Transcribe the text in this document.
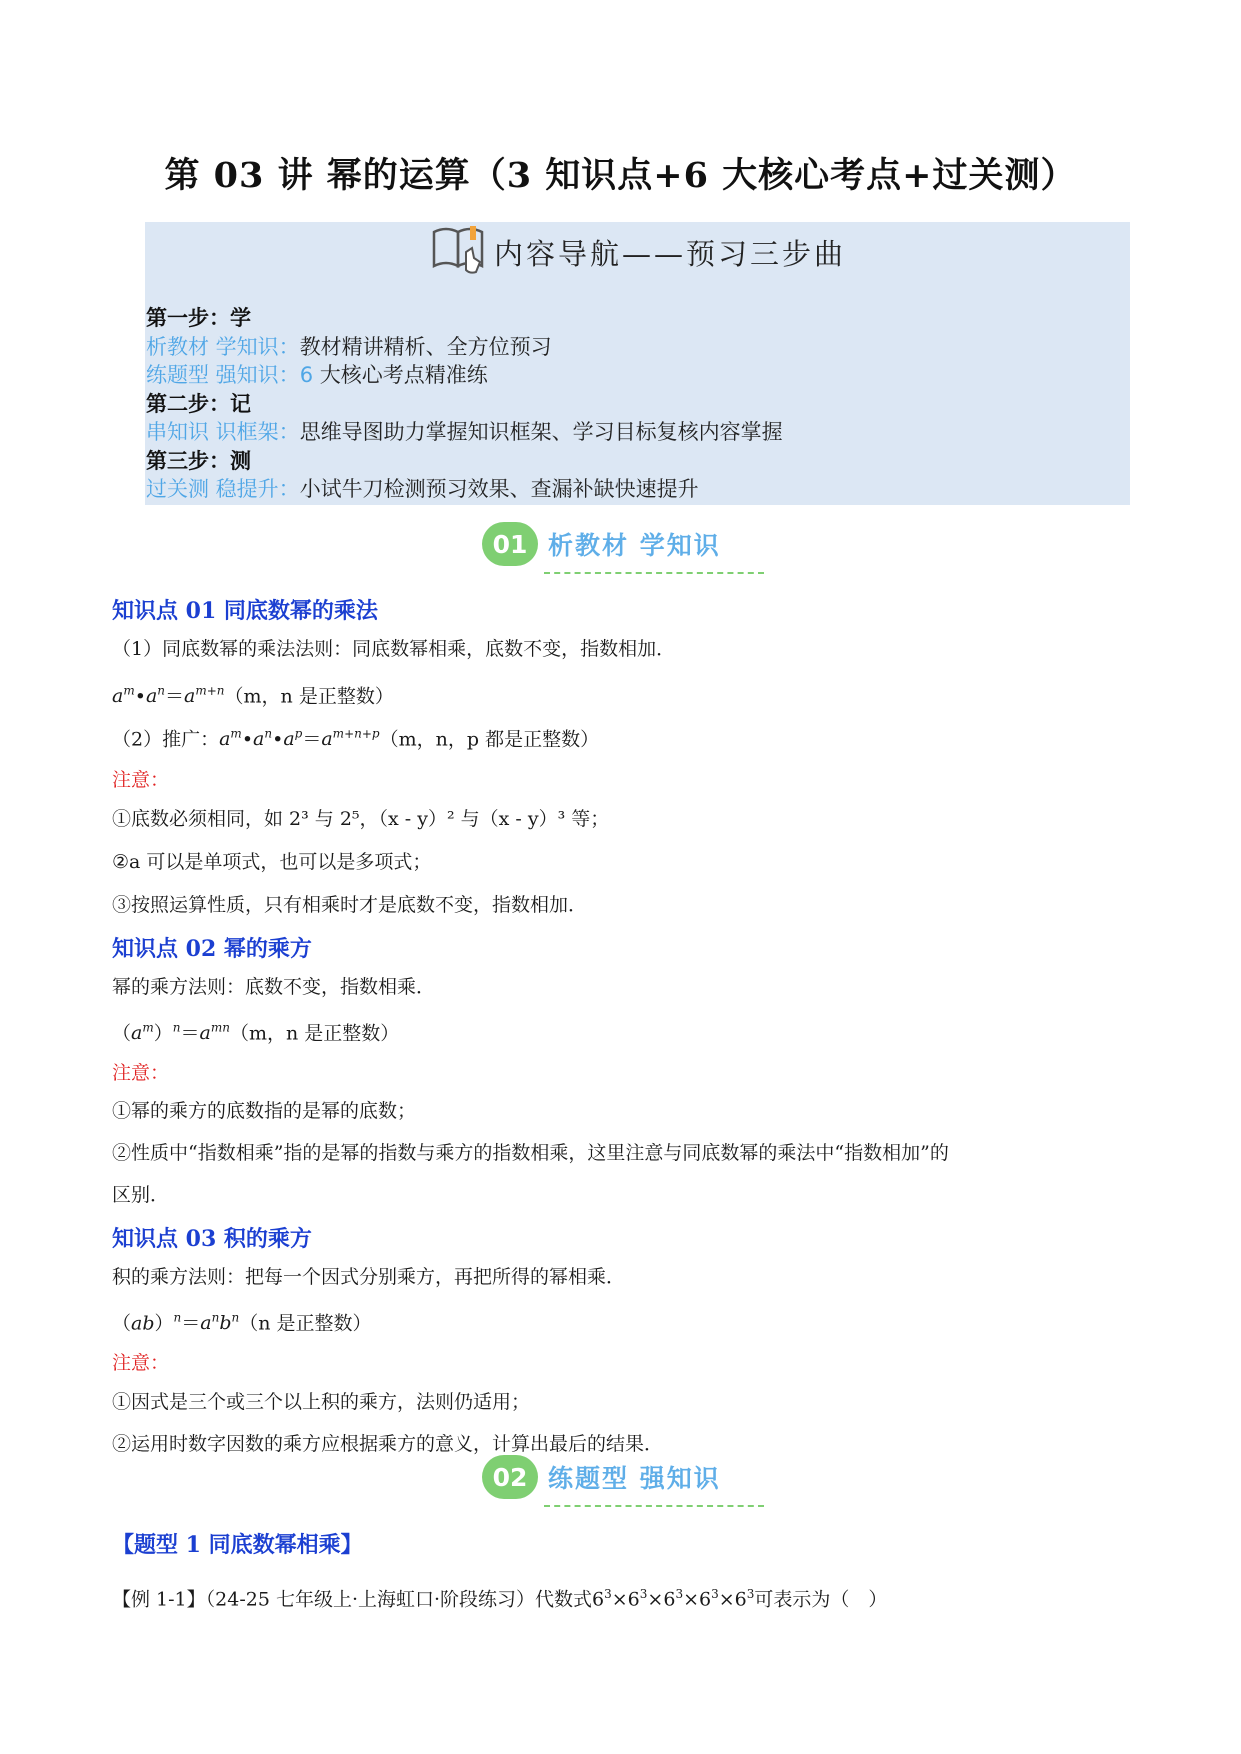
第 03 讲 幂的运算（3 知识点+6 大核心考点+过关测）
内容导航——预习三步曲
第一步：学
析教材 学知识：教材精讲精析、全方位预习
练题型 强知识：6 大核心考点精准练
第二步：记
串知识 识框架：思维导图助力掌握知识框架、学习目标复核内容掌握
第三步：测
过关测 稳提升：小试牛刀检测预习效果、查漏补缺快速提升
01 析教材 学知识
知识点 01 同底数幂的乘法
（1）同底数幂的乘法法则：同底数幂相乘，底数不变，指数相加．
$a^m•a^n=a^{m+n}(m$，n 是正整数）
（2）推广：$a^m•a^n•a^p=a^{m+n+p}(m$，n，p 都是正整数）
注意：
①底数必须相同，如 2³ 与 2⁵，（x - y）² 与（x - y）³ 等；
②a 可以是单项式，也可以是多项式；
③按照运算性质，只有相乘时才是底数不变，指数相加．
知识点 02 幂的乘方
幂的乘方法则：底数不变，指数相乘．
$(a^m)^n=a^{mn}(m$，n 是正整数）
注意：
①幂的乘方的底数指的是幂的底数；
②性质中“指数相乘”指的是幂的指数与乘方的指数相乘，这里注意与同底数幂的乘法中“指数相加”的
区别．
知识点 03 积的乘方
积的乘方法则：把每一个因式分别乘方，再把所得的幂相乘．
$(ab)^n=a^nb^n(n$ 是正整数）
注意：
①因式是三个或三个以上积的乘方，法则仍适用；
②运用时数字因数的乘方应根据乘方的意义，计算出最后的结果．
02 练题型 强知识
【题型 1 同底数幂相乘】
【例 1-1】（24-25 七年级上·上海虹口·阶段练习）代数式$6^3\times 6^3\times 6^3\times 6^3\times 6^3$可表示为（　）
